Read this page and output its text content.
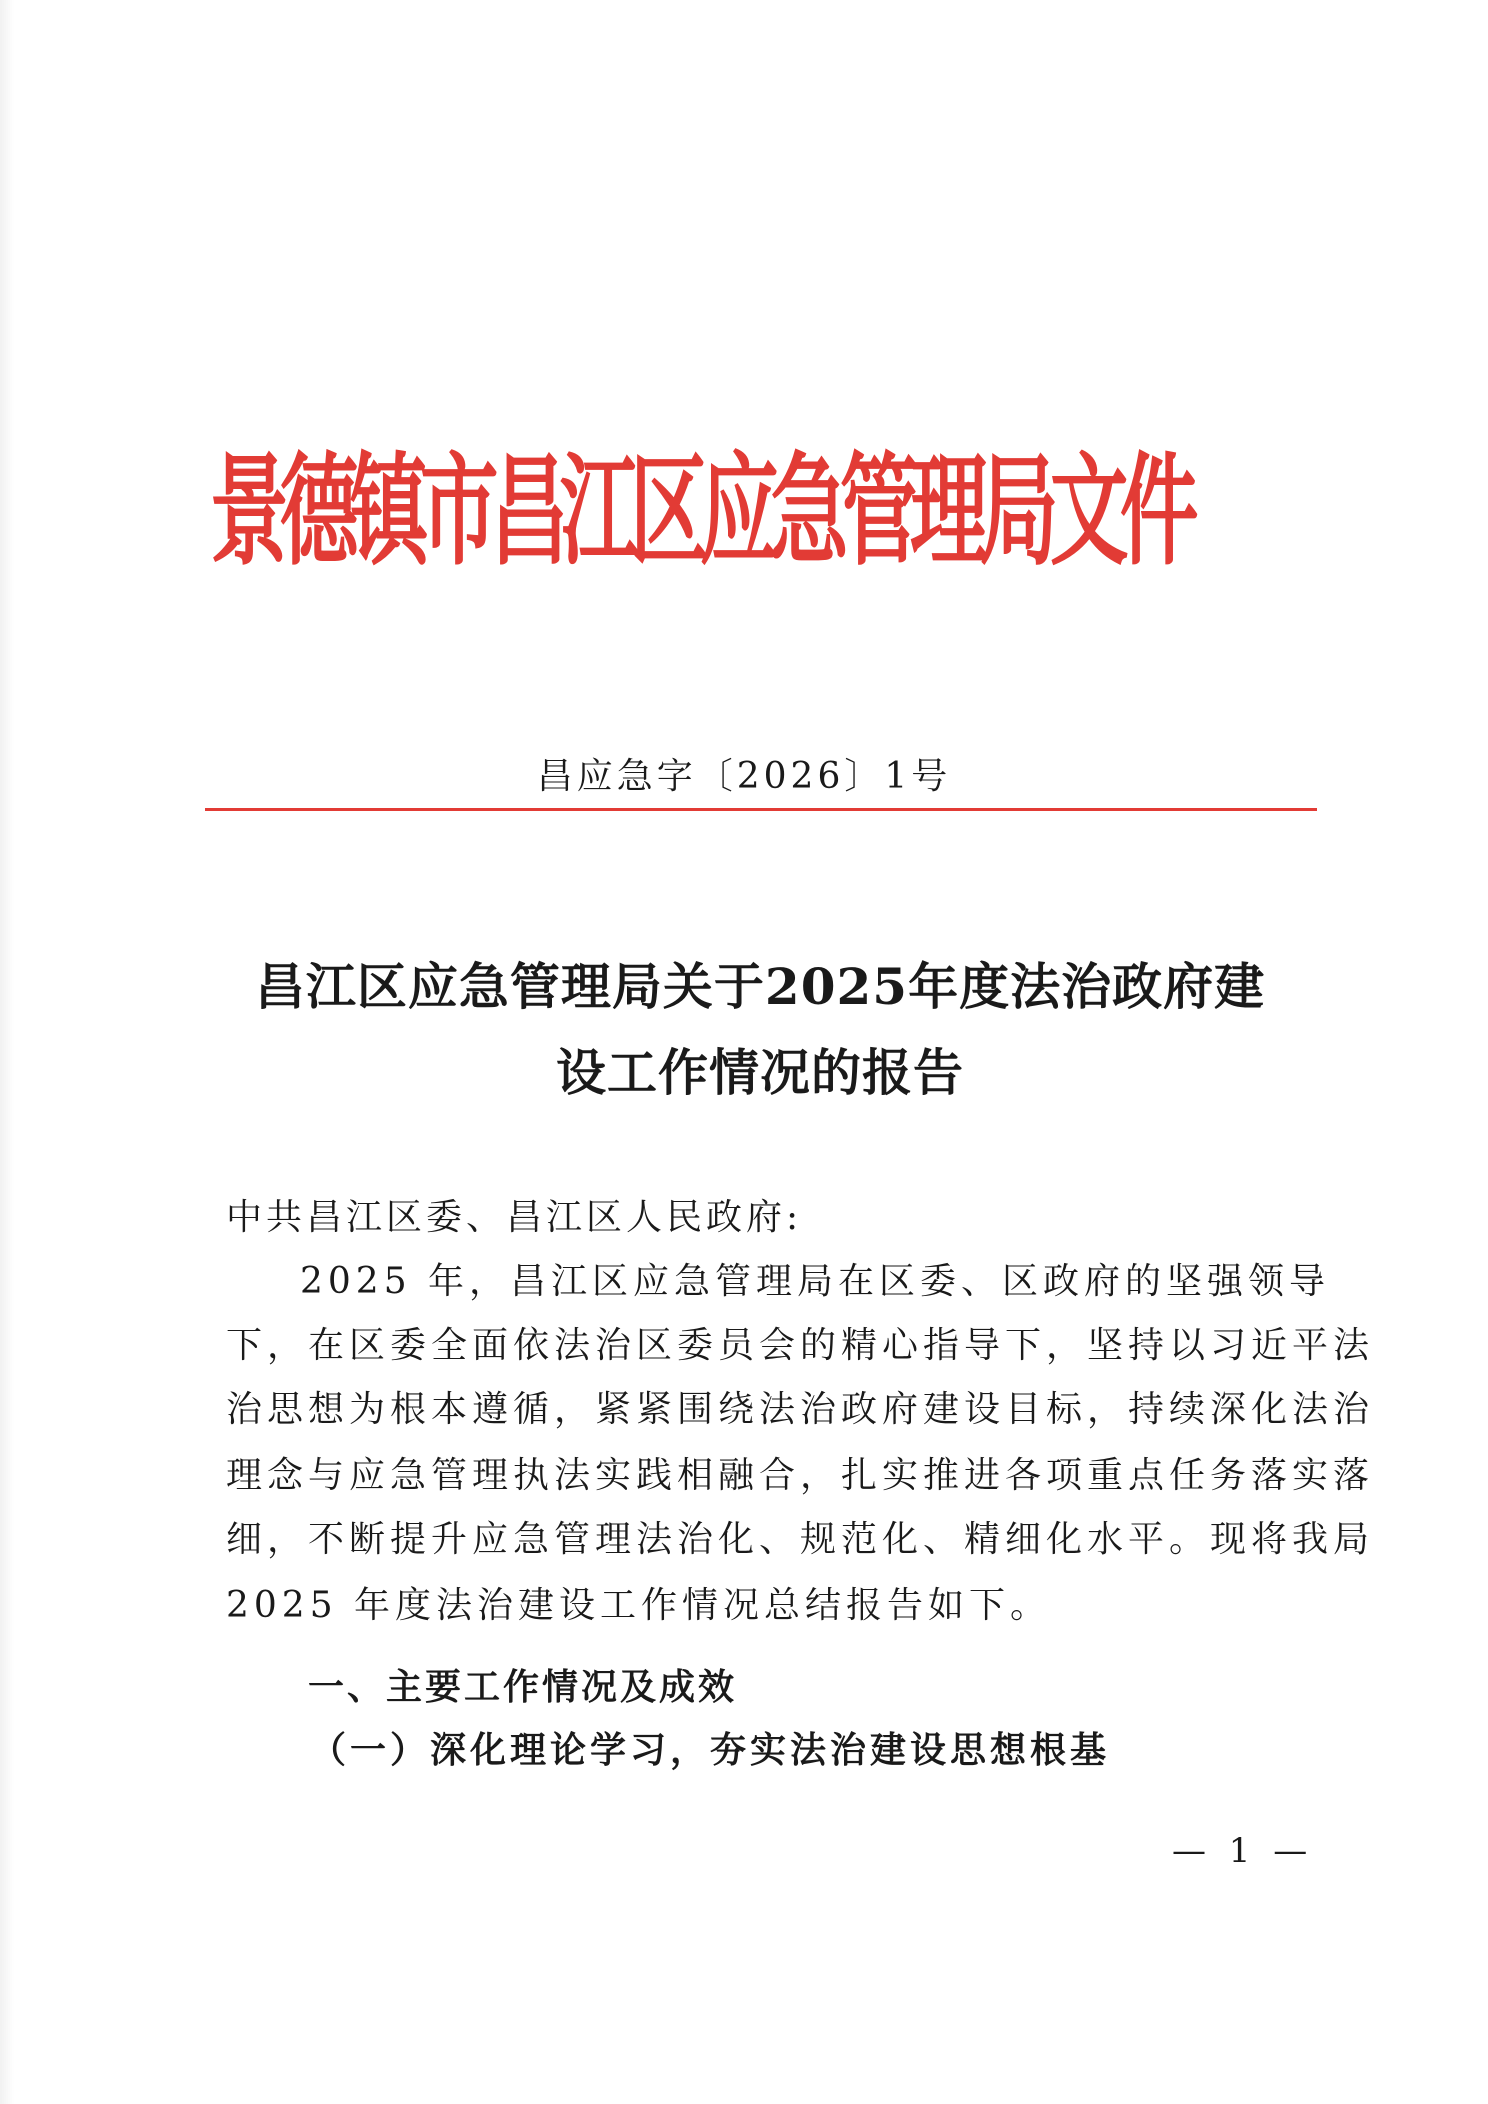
景德镇市昌江区应急管理局文件
昌应急字〔2026〕1号
昌江区应急管理局关于2025年度法治政府建
设工作情况的报告
中共昌江区委、昌江区人民政府:
2025 年，昌江区应急管理局在区委、区政府的坚强领导
下，在区委全面依法治区委员会的精心指导下，坚持以习近平法
治思想为根本遵循，紧紧围绕法治政府建设目标，持续深化法治
理念与应急管理执法实践相融合，扎实推进各项重点任务落实落
细，不断提升应急管理法治化、规范化、精细化水平。现将我局
2025 年度法治建设工作情况总结报告如下。
一、主要工作情况及成效
（一）深化理论学习，夯实法治建设思想根基
— 1 —
